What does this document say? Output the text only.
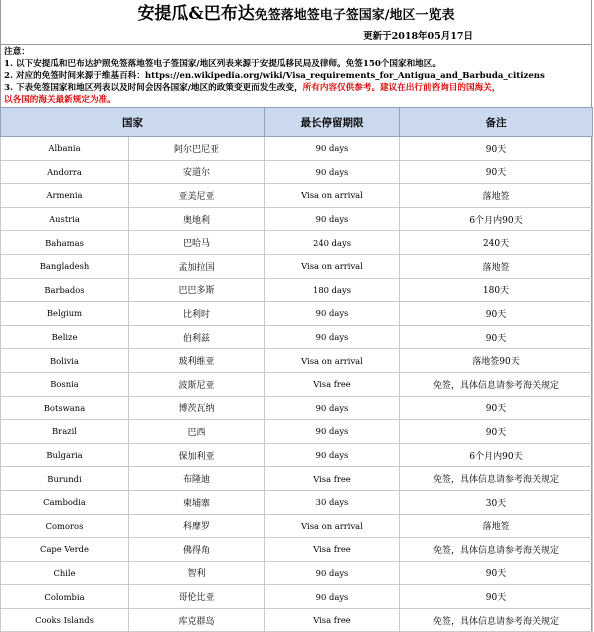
安提瓜&巴布达免签落地签电子签国家/地区一览表
更新于2018年05月17日
注意：
1. 以下安提瓜和巴布达护照免签落地签电子签国家/地区列表来源于安提瓜移民局及律师。免签150个国家和地区。
2. 对应的免签时间来源于维基百科：https://en.wikipedia.org/wiki/Visa_requirements_for_Antigua_and_Barbuda_citizens
3. 下表免签国家和地区列表以及时间会因各国家/地区的政策变更而发生改变，所有内容仅供参考。建议在出行前咨询目的国海关，
以各国的海关最新规定为准。
国家		最长停留期限	备注
Albania	阿尔巴尼亚	90 days	90天
Andorra	安道尔	90 days	90天
Armenia	亚美尼亚	Visa on arrival	落地签
Austria	奥地利	90 days	6个月内90天
Bahamas	巴哈马	240 days	240天
Bangladesh	孟加拉国	Visa on arrival	落地签
Barbados	巴巴多斯	180 days	180天
Belgium	比利时	90 days	90天
Belize	伯利兹	90 days	90天
Bolivia	玻利维亚	Visa on arrival	落地签90天
Bosnia	波斯尼亚	Visa free	免签，具体信息请参考海关规定
Botswana	博茨瓦纳	90 days	90天
Brazil	巴西	90 days	90天
Bulgaria	保加利亚	90 days	6个月内90天
Burundi	布隆迪	Visa free	免签，具体信息请参考海关规定
Cambodia	柬埔寨	30 days	30天
Comoros	科摩罗	Visa on arrival	落地签
Cape Verde	佛得角	Visa free	免签，具体信息请参考海关规定
Chile	智利	90 days	90天
Colombia	哥伦比亚	90 days	90天
Cooks Islands	库克群岛	Visa free	免签，具体信息请参考海关规定
